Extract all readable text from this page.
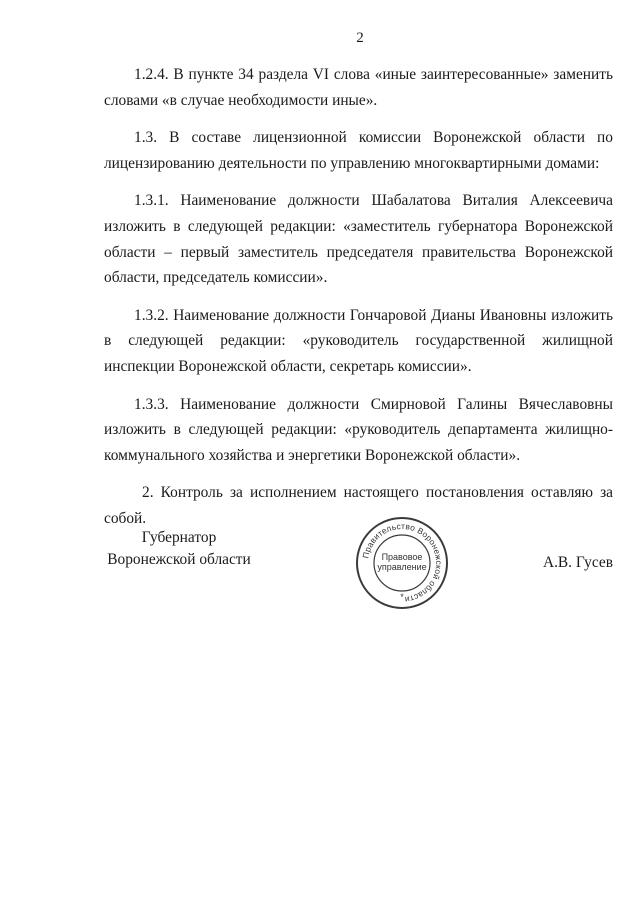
2

1.2.4. В пункте 34 раздела VI слова «иные заинтересованные» заменить словами «в случае необходимости иные».

1.3. В составе лицензионной комиссии Воронежской области по лицензированию деятельности по управлению многоквартирными домами:

1.3.1. Наименование должности Шабалатова Виталия Алексеевича изложить в следующей редакции: «заместитель губернатора Воронежской области – первый заместитель председателя правительства Воронежской области, председатель комиссии».

1.3.2. Наименование должности Гончаровой Дианы Ивановны изложить в следующей редакции: «руководитель государственной жилищной инспекции Воронежской области, секретарь комиссии».

1.3.3. Наименование должности Смирновой Галины Вячеславовны изложить в следующей редакции: «руководитель департамента жилищно-коммунального хозяйства и энергетики Воронежской области».

2. Контроль за исполнением настоящего постановления оставляю за собой.

Губернатор
Воронежской области	Правительство Воронежской области
*
Правовое
управление	А.В. Гусев
